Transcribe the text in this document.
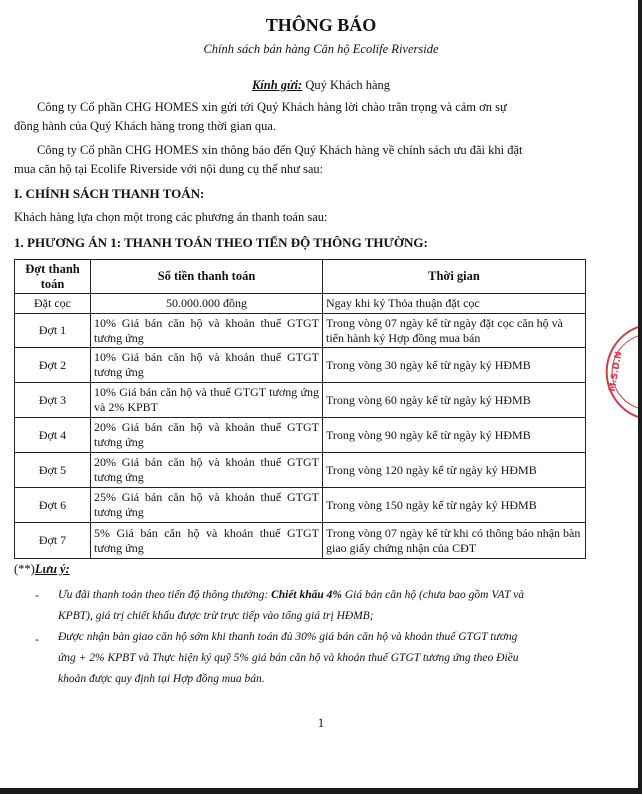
THÔNG BÁO
Chính sách bán hàng Căn hộ Ecolife Riverside
Kính gửi: Quý Khách hàng
Công ty Cổ phần CHG HOMES xin gửi tới Quý Khách hàng lời chào trân trọng và cảm ơn sự
đồng hành của Quý Khách hàng trong thời gian qua.
Công ty Cổ phần CHG HOMES xin thông báo đến Quý Khách hàng về chính sách ưu đãi khi đặt
mua căn hộ tại Ecolife Riverside với nội dung cụ thể như sau:
I. CHÍNH SÁCH THANH TOÁN:
Khách hàng lựa chọn một trong các phương án thanh toán sau:
1. PHƯƠNG ÁN 1: THANH TOÁN THEO TIẾN ĐỘ THÔNG THƯỜNG:
Đợt thanh toán	Số tiền thanh toán	Thời gian
Đặt cọc	50.000.000 đồng	Ngay khi ký Thỏa thuận đặt cọc
Đợt 1	10% Giá bán căn hộ và khoản thuế GTGT tương ứng	Trong vòng 07 ngày kể từ ngày đặt cọc căn hộ và tiến hành ký Hợp đồng mua bán
Đợt 2	10% Giá bán căn hộ và khoản thuế GTGT tương ứng	Trong vòng 30 ngày kể từ ngày ký HĐMB
Đợt 3	10% Giá bán căn hộ và thuế GTGT tương ứng và 2% KPBT	Trong vòng 60 ngày kể từ ngày ký HĐMB
Đợt 4	20% Giá bán căn hộ và khoản thuế GTGT tương ứng	Trong vòng 90 ngày kể từ ngày ký HĐMB
Đợt 5	20% Giá bán căn hộ và khoản thuế GTGT tương ứng	Trong vòng 120 ngày kể từ ngày ký HĐMB
Đợt 6	25% Giá bán căn hộ và khoản thuế GTGT tương ứng	Trong vòng 150 ngày kể từ ngày ký HĐMB
Đợt 7	5% Giá bán căn hộ và khoản thuế GTGT tương ứng	Trong vòng 07 ngày kể từ khi có thông báo nhận bàn giao giấy chứng nhận của CĐT
(**)Lưu ý:
- Ưu đãi thanh toán theo tiến độ thông thường: Chiết khấu 4% Giá bán căn hộ (chưa bao gồm VAT và
KPBT), giá trị chiết khấu được trừ trực tiếp vào tổng giá trị HĐMB;
- Được nhận bàn giao căn hộ sớm khi thanh toán đủ 30% giá bán căn hộ và khoản thuế GTGT tương
ứng + 2% KPBT và Thực hiện ký quỹ 5% giá bán căn hộ và khoản thuế GTGT tương ứng theo Điều
khoản được quy định tại Hợp đồng mua bán.
1
M.S.D.N
